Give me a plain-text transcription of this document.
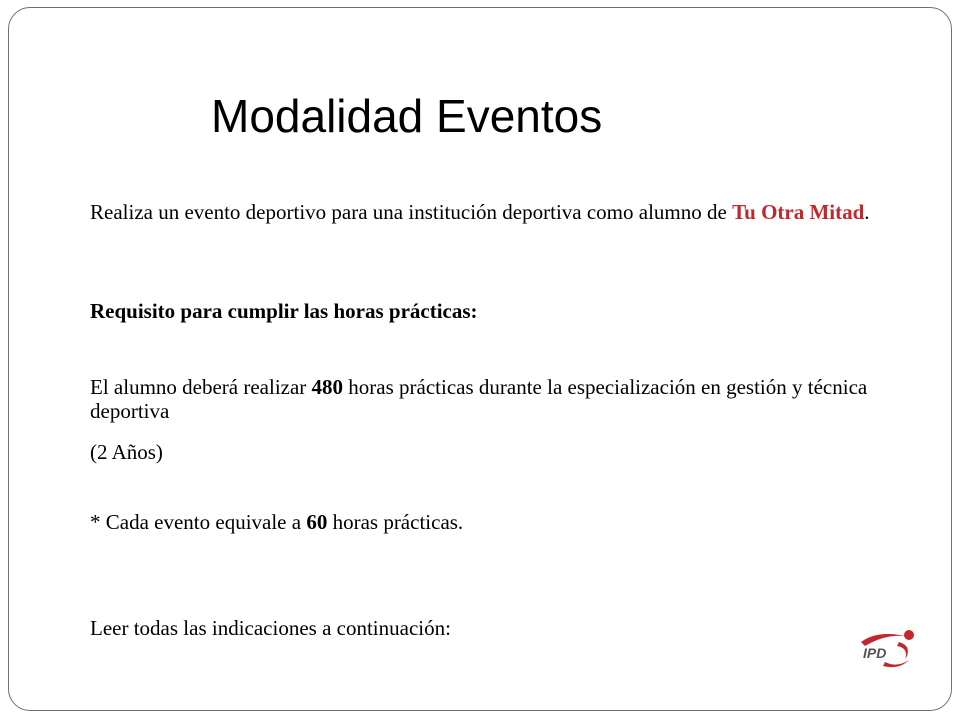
Modalidad Eventos
Realiza un evento deportivo para una institución deportiva como alumno de Tu Otra Mitad.
Requisito para cumplir las horas prácticas:
El alumno deberá realizar 480 horas prácticas durante la especialización en gestión y técnica deportiva
(2 Años)
* Cada evento equivale a 60 horas prácticas.
Leer todas las indicaciones a continuación:
IPD
